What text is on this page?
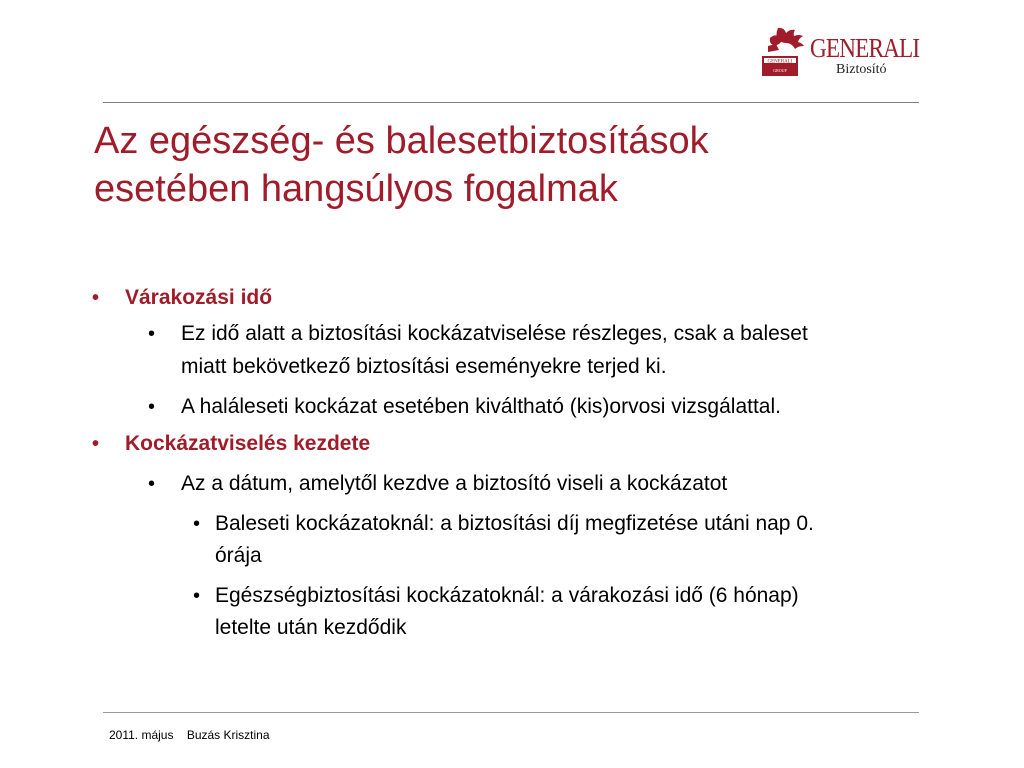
GENERALI
GROUP
GENERALI
Biztosító
Az egészség- és balesetbiztosítások
esetében hangsúlyos fogalmak
• Várakozási idő
• Ez idő alatt a biztosítási kockázatviselése részleges, csak a baleset
miatt bekövetkező biztosítási eseményekre terjed ki.
• A haláleseti kockázat esetében kiváltható (kis)orvosi vizsgálattal.
• Kockázatviselés kezdete
• Az a dátum, amelytől kezdve a biztosító viseli a kockázatot
• Baleseti kockázatoknál: a biztosítási díj megfizetése utáni nap 0.
órája
• Egészségbiztosítási kockázatoknál: a várakozási idő (6 hónap)
letelte után kezdődik
2011. május Buzás Krisztina
